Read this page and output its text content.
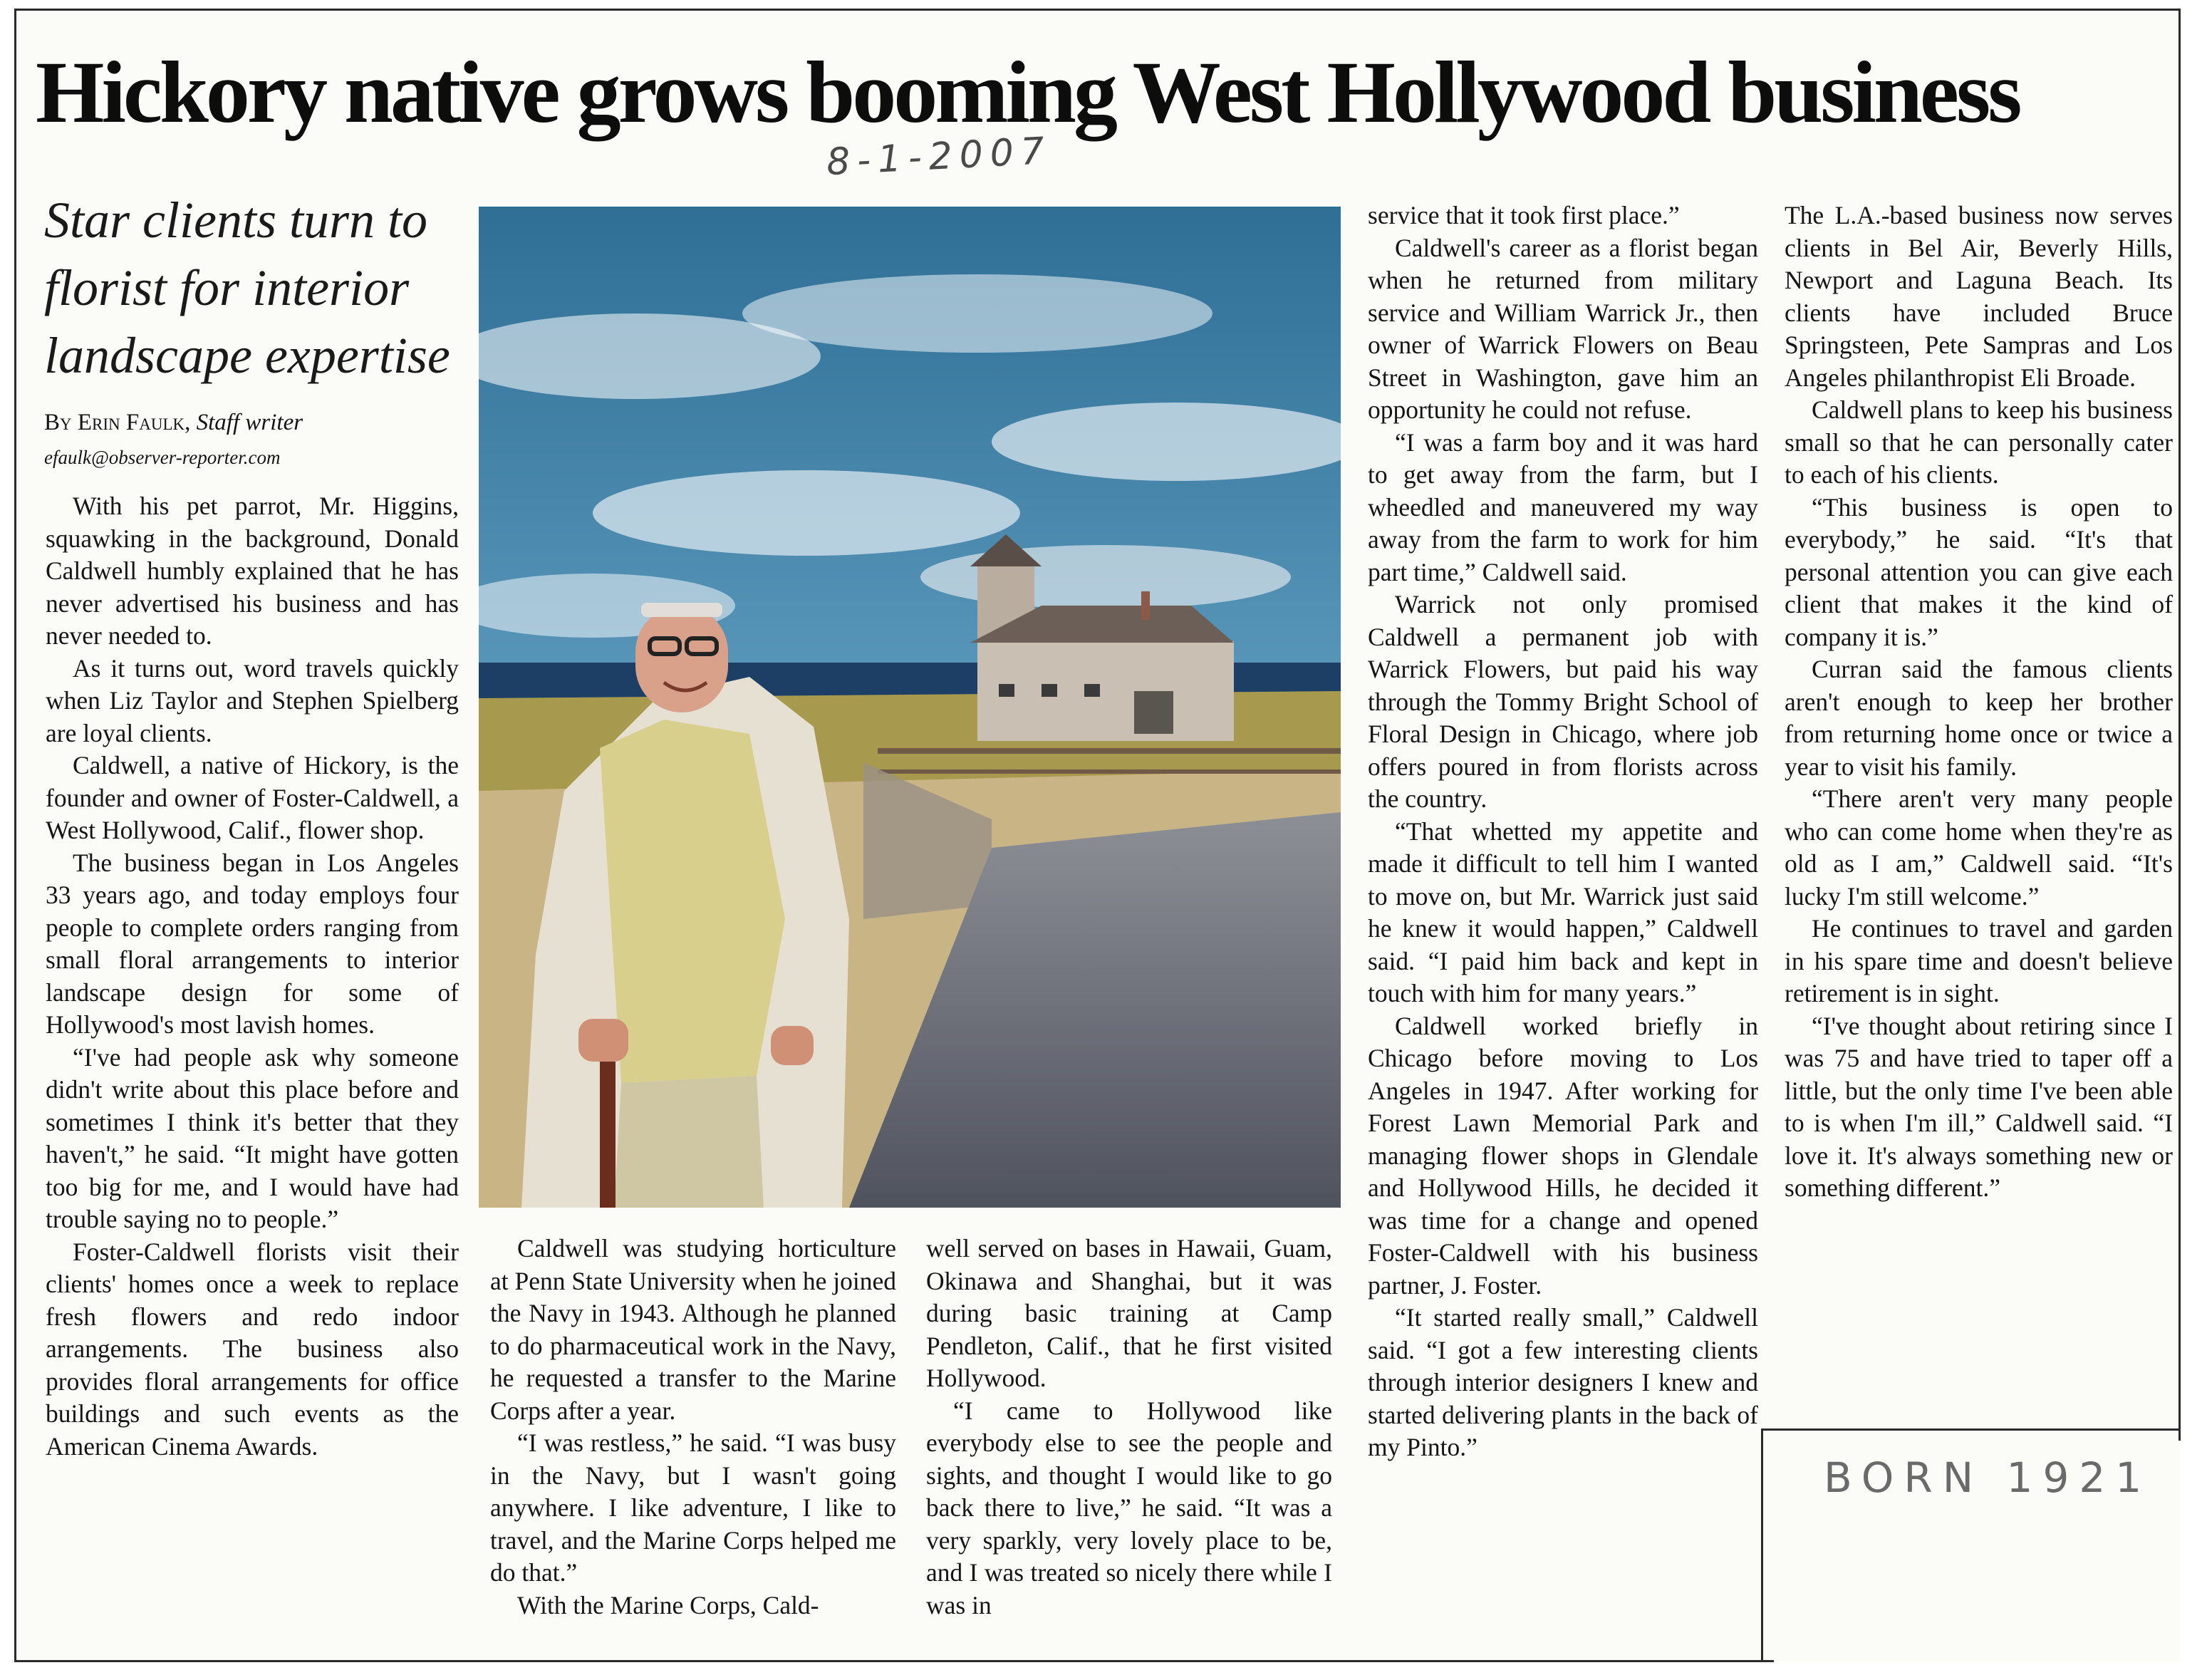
Hickory native grows booming West Hollywood business
8-1-2007
Star clients turn to florist for interior landscape expertise
By Erin Faulk, Staff writer
efaulk@observer-reporter.com

With his pet parrot, Mr. Higgins, squawking in the background, Donald Caldwell humbly explained that he has never advertised his business and has never needed to.

As it turns out, word travels quickly when Liz Taylor and Stephen Spielberg are loyal clients.

Caldwell, a native of Hickory, is the founder and owner of Foster-Caldwell, a West Hollywood, Calif., flower shop.

The business began in Los Angeles 33 years ago, and today employs four people to complete orders ranging from small floral arrangements to interior landscape design for some of Hollywood's most lavish homes.

“I've had people ask why someone didn't write about this place before and sometimes I think it's better that they haven't,” he said. “It might have gotten too big for me, and I would have had trouble saying no to people.”

Foster-Caldwell florists visit their clients' homes once a week to replace fresh flowers and redo indoor arrangements. The business also provides floral arrangements for office buildings and such events as the American Cinema Awards.

Caldwell was studying horticulture at Penn State University when he joined the Navy in 1943. Although he planned to do pharmaceutical work in the Navy, he requested a transfer to the Marine Corps after a year.

“I was restless,” he said. “I was busy in the Navy, but I wasn't going anywhere. I like adventure, I like to travel, and the Marine Corps helped me do that.”

With the Marine Corps, Cald-

well served on bases in Hawaii, Guam, Okinawa and Shanghai, but it was during basic training at Camp Pendleton, Calif., that he first visited Hollywood.

“I came to Hollywood like everybody else to see the people and sights, and thought I would like to go back there to live,” he said. “It was a very sparkly, very lovely place to be, and I was treated so nicely there while I was in

service that it took first place.”

Caldwell's career as a florist began when he returned from military service and William Warrick Jr., then owner of Warrick Flowers on Beau Street in Washington, gave him an opportunity he could not refuse.

“I was a farm boy and it was hard to get away from the farm, but I wheedled and maneuvered my way away from the farm to work for him part time,” Caldwell said.

Warrick not only promised Caldwell a permanent job with Warrick Flowers, but paid his way through the Tommy Bright School of Floral Design in Chicago, where job offers poured in from florists across the country.

“That whetted my appetite and made it difficult to tell him I wanted to move on, but Mr. Warrick just said he knew it would happen,” Caldwell said. “I paid him back and kept in touch with him for many years.”

Caldwell worked briefly in Chicago before moving to Los Angeles in 1947. After working for Forest Lawn Memorial Park and managing flower shops in Glendale and Hollywood Hills, he decided it was time for a change and opened Foster-Caldwell with his business partner, J. Foster.

“It started really small,” Caldwell said. “I got a few interesting clients through interior designers I knew and started delivering plants in the back of my Pinto.”

The L.A.-based business now serves clients in Bel Air, Beverly Hills, Newport and Laguna Beach. Its clients have included Bruce Springsteen, Pete Sampras and Los Angeles philanthropist Eli Broade.

Caldwell plans to keep his business small so that he can personally cater to each of his clients.

“This business is open to everybody,” he said. “It's that personal attention you can give each client that makes it the kind of company it is.”

Curran said the famous clients aren't enough to keep her brother from returning home once or twice a year to visit his family.

“There aren't very many people who can come home when they're as old as I am,” Caldwell said. “It's lucky I'm still welcome.”

He continues to travel and garden in his spare time and doesn't believe retirement is in sight.

“I've thought about retiring since I was 75 and have tried to taper off a little, but the only time I've been able to is when I'm ill,” Caldwell said. “I love it. It's always something new or something different.”

BORN 1921
